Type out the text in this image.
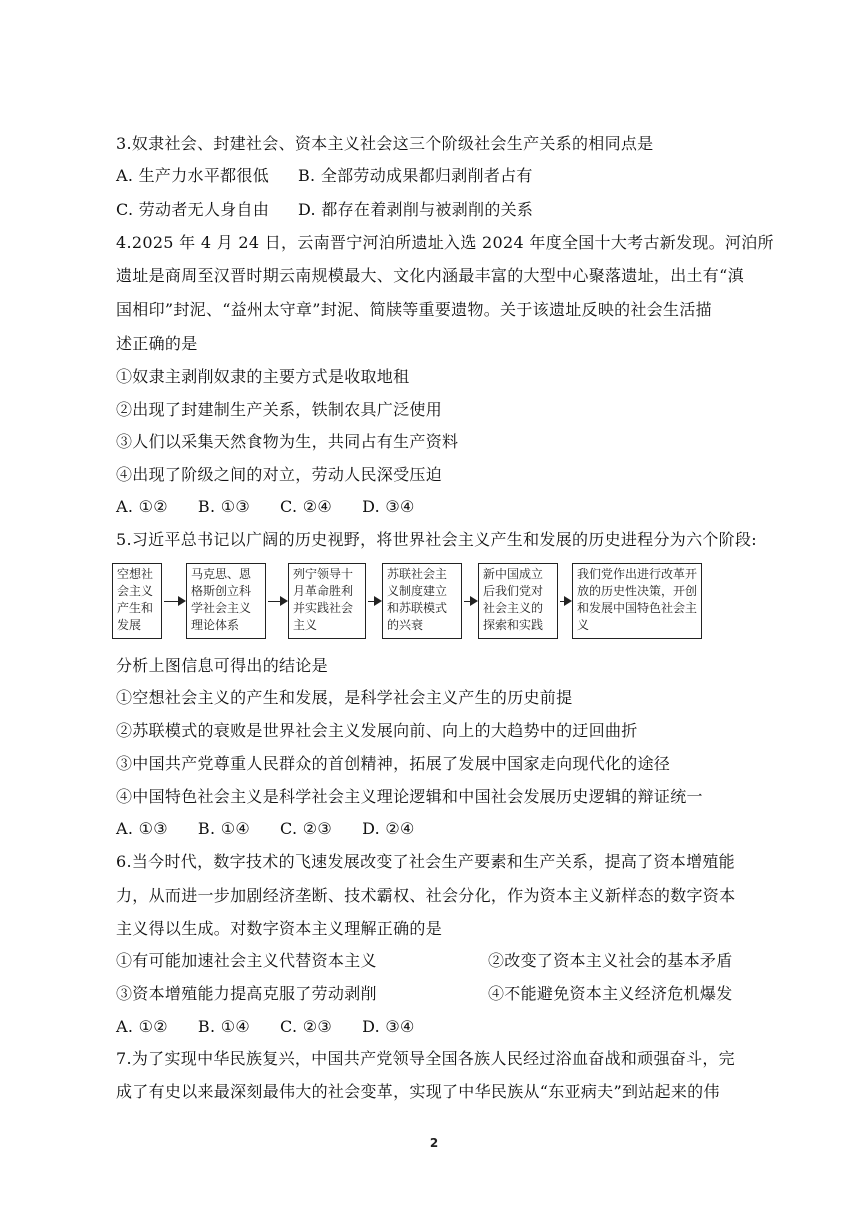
3.奴隶社会、封建社会、资本主义社会这三个阶级社会生产关系的相同点是
A. 生产力水平都很低 B. 全部劳动成果都归剥削者占有
C. 劳动者无人身自由 D. 都存在着剥削与被剥削的关系
4.2025 年 4 月 24 日，云南晋宁河泊所遗址入选 2024 年度全国十大考古新发现。河泊所
遗址是商周至汉晋时期云南规模最大、文化内涵最丰富的大型中心聚落遗址，出土有“滇
国相印”封泥、“益州太守章”封泥、简牍等重要遗物。关于该遗址反映的社会生活描
述正确的是
①奴隶主剥削奴隶的主要方式是收取地租
②出现了封建制生产关系，铁制农具广泛使用
③人们以采集天然食物为生，共同占有生产资料
④出现了阶级之间的对立，劳动人民深受压迫
A. ①② B. ①③ C. ②④ D. ③④
5.习近平总书记以广阔的历史视野，将世界社会主义产生和发展的历史进程分为六个阶段:
空想社会主义产生和发展
马克思、恩格斯创立科学社会主义理论体系
列宁领导十月革命胜利并实践社会主义
苏联社会主义制度建立和苏联模式的兴衰
新中国成立后我们党对社会主义的探索和实践
我们党作出进行改革开放的历史性决策，开创和发展中国特色社会主义
分析上图信息可得出的结论是
①空想社会主义的产生和发展，是科学社会主义产生的历史前提
②苏联模式的衰败是世界社会主义发展向前、向上的大趋势中的迂回曲折
③中国共产党尊重人民群众的首创精神，拓展了发展中国家走向现代化的途径
④中国特色社会主义是科学社会主义理论逻辑和中国社会发展历史逻辑的辩证统一
A. ①③ B. ①④ C. ②③ D. ②④
6.当今时代，数字技术的飞速发展改变了社会生产要素和生产关系，提高了资本增殖能
力，从而进一步加剧经济垄断、技术霸权、社会分化，作为资本主义新样态的数字资本
主义得以生成。对数字资本主义理解正确的是
①有可能加速社会主义代替资本主义	②改变了资本主义社会的基本矛盾
③资本增殖能力提高克服了劳动剥削	④不能避免资本主义经济危机爆发
A. ①② B. ①④ C. ②③ D. ③④
7.为了实现中华民族复兴，中国共产党领导全国各族人民经过浴血奋战和顽强奋斗，完
成了有史以来最深刻最伟大的社会变革，实现了中华民族从“东亚病夫”到站起来的伟
2
